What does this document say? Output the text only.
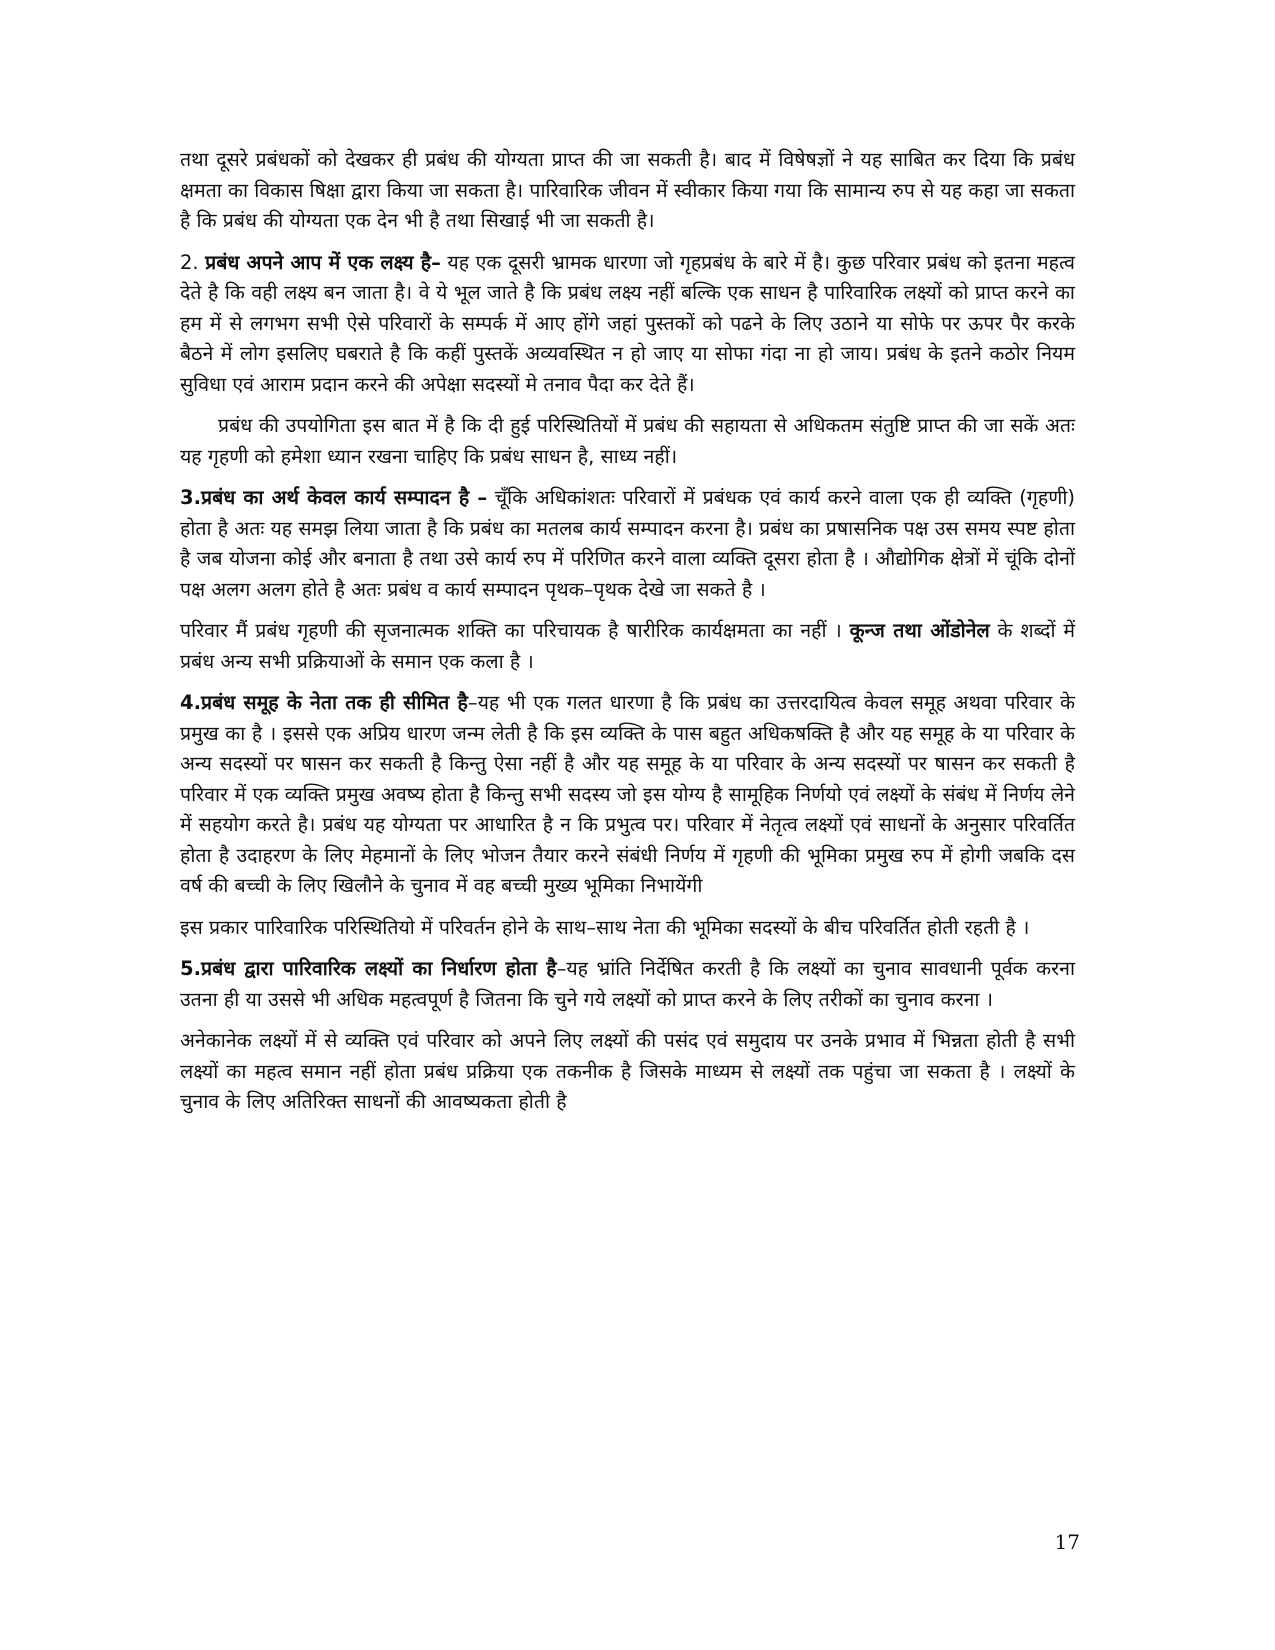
तथा दूसरे प्रबंधकों को देखकर ही प्रबंध की योग्यता प्राप्त की जा सकती है। बाद में विषेषज्ञों ने यह साबित कर दिया कि प्रबंध क्षमता का विकास षिक्षा द्वारा किया जा सकता है। पारिवारिक जीवन में स्वीकार किया गया कि सामान्य रुप से यह कहा जा सकता है कि प्रबंध की योग्यता एक देन भी है तथा सिखाई भी जा सकती है।

2. प्रबंध अपने आप में एक लक्ष्य है– यह एक दूसरी भ्रामक धारणा जो गृहप्रबंध के बारे में है। कुछ परिवार प्रबंध को इतना महत्व देते है कि वही लक्ष्य बन जाता है। वे ये भूल जाते है कि प्रबंध लक्ष्य नहीं बल्कि एक साधन है पारिवारिक लक्ष्यों को प्राप्त करने का हम में से लगभग सभी ऐसे परिवारों के सम्पर्क में आए होंगे जहां पुस्तकों को पढने के लिए उठाने या सोफे पर ऊपर पैर करके बैठने में लोग इसलिए घबराते है कि कहीं पुस्तकें अव्यवस्थित न हो जाए या सोफा गंदा ना हो जाय। प्रबंध के इतने कठोर नियम सुविधा एवं आराम प्रदान करने की अपेक्षा सदस्यों मे तनाव पैदा कर देते हैं।

प्रबंध की उपयोगिता इस बात में है कि दी हुई परिस्थितियों में प्रबंध की सहायता से अधिकतम संतुष्टि प्राप्त की जा सकें अतः यह गृहणी को हमेशा ध्यान रखना चाहिए कि प्रबंध साधन है, साध्य नहीं।

3.प्रबंध का अर्थ केवल कार्य सम्पादन है – चूँकि अधिकांशतः परिवारों में प्रबंधक एवं कार्य करने वाला एक ही व्यक्ति (गृहणी) होता है अतः यह समझ लिया जाता है कि प्रबंध का मतलब कार्य सम्पादन करना है। प्रबंध का प्रषासनिक पक्ष उस समय स्पष्ट होता है जब योजना कोई और बनाता है तथा उसे कार्य रुप में परिणित करने वाला व्यक्ति दूसरा होता है । औद्योगिक क्षेत्रों में चूंकि दोनों पक्ष अलग अलग होते है अतः प्रबंध व कार्य सम्पादन पृथक–पृथक देखे जा सकते है ।

परिवार मैं प्रबंध गृहणी की सृजनात्मक शक्ति का परिचायक है षारीरिक कार्यक्षमता का नहीं । कून्ज तथा ओंडोनेल के शब्दों में प्रबंध अन्य सभी प्रक्रियाओं के समान एक कला है ।

4.प्रबंध समूह के नेता तक ही सीमित है–यह भी एक गलत धारणा है कि प्रबंध का उत्तरदायित्व केवल समूह अथवा परिवार के प्रमुख का है । इससे एक अप्रिय धारण जन्म लेती है कि इस व्यक्ति के पास बहुत अधिकषक्ति है और यह समूह के या परिवार के अन्य सदस्यों पर षासन कर सकती है किन्तु ऐसा नहीं है और यह समूह के या परिवार के अन्य सदस्यों पर षासन कर सकती है परिवार में एक व्यक्ति प्रमुख अवष्य होता है किन्तु सभी सदस्य जो इस योग्य है सामूहिक निर्णयो एवं लक्ष्यों के संबंध में निर्णय लेने में सहयोग करते है। प्रबंध यह योग्यता पर आधारित है न कि प्रभुत्व पर। परिवार में नेतृत्व लक्ष्यों एवं साधनों के अनुसार परिवर्तित होता है उदाहरण के लिए मेहमानों के लिए भोजन तैयार करने संबंधी निर्णय में गृहणी की भूमिका प्रमुख रुप में होगी जबकि दस वर्ष की बच्ची के लिए खिलौने के चुनाव में वह बच्ची मुख्य भूमिका निभायेंगी

इस प्रकार पारिवारिक परिस्थितियो में परिवर्तन होने के साथ–साथ नेता की भूमिका सदस्यों के बीच परिवर्तित होती रहती है ।

5.प्रबंध द्वारा पारिवारिक लक्ष्यों का निर्धारण होता है–यह भ्रांति निर्देषित करती है कि लक्ष्यों का चुनाव सावधानी पूर्वक करना उतना ही या उससे भी अधिक महत्वपूर्ण है जितना कि चुने गये लक्ष्यों को प्राप्त करने के लिए तरीकों का चुनाव करना ।

अनेकानेक लक्ष्यों में से व्यक्ति एवं परिवार को अपने लिए लक्ष्यों की पसंद एवं समुदाय पर उनके प्रभाव में भिन्नता होती है सभी लक्ष्यों का महत्व समान नहीं होता प्रबंध प्रक्रिया एक तकनीक है जिसके माध्यम से लक्ष्यों तक पहुंचा जा सकता है । लक्ष्यों के चुनाव के लिए अतिरिक्त साधनों की आवष्यकता होती है

17
